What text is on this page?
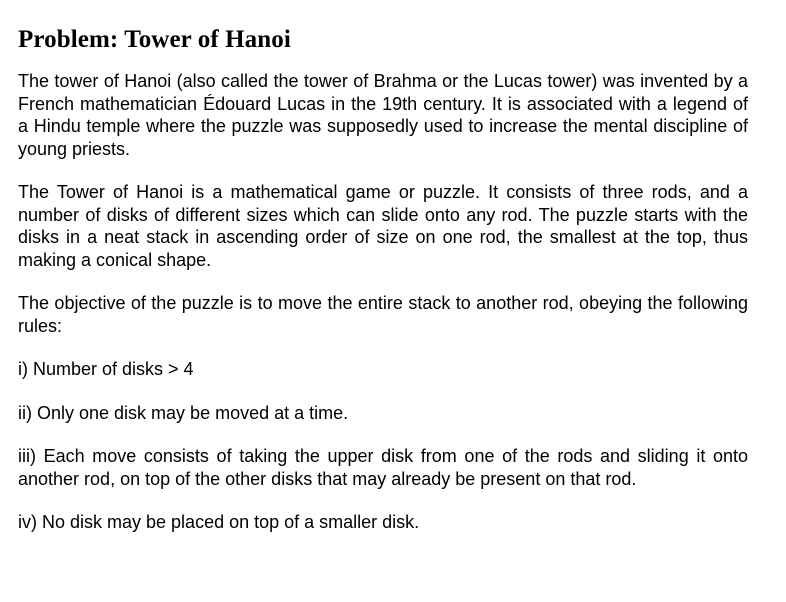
Problem: Tower of Hanoi

The tower of Hanoi (also called the tower of Brahma or the Lucas tower) was invented by a French mathematician Édouard Lucas in the 19th century. It is associated with a legend of a Hindu temple where the puzzle was supposedly used to increase the mental discipline of young priests.

The Tower of Hanoi is a mathematical game or puzzle. It consists of three rods, and a number of disks of different sizes which can slide onto any rod. The puzzle starts with the disks in a neat stack in ascending order of size on one rod, the smallest at the top, thus making a conical shape.

The objective of the puzzle is to move the entire stack to another rod, obeying the following rules:

i) Number of disks > 4

ii) Only one disk may be moved at a time.

iii) Each move consists of taking the upper disk from one of the rods and sliding it onto another rod, on top of the other disks that may already be present on that rod.

iv) No disk may be placed on top of a smaller disk.
